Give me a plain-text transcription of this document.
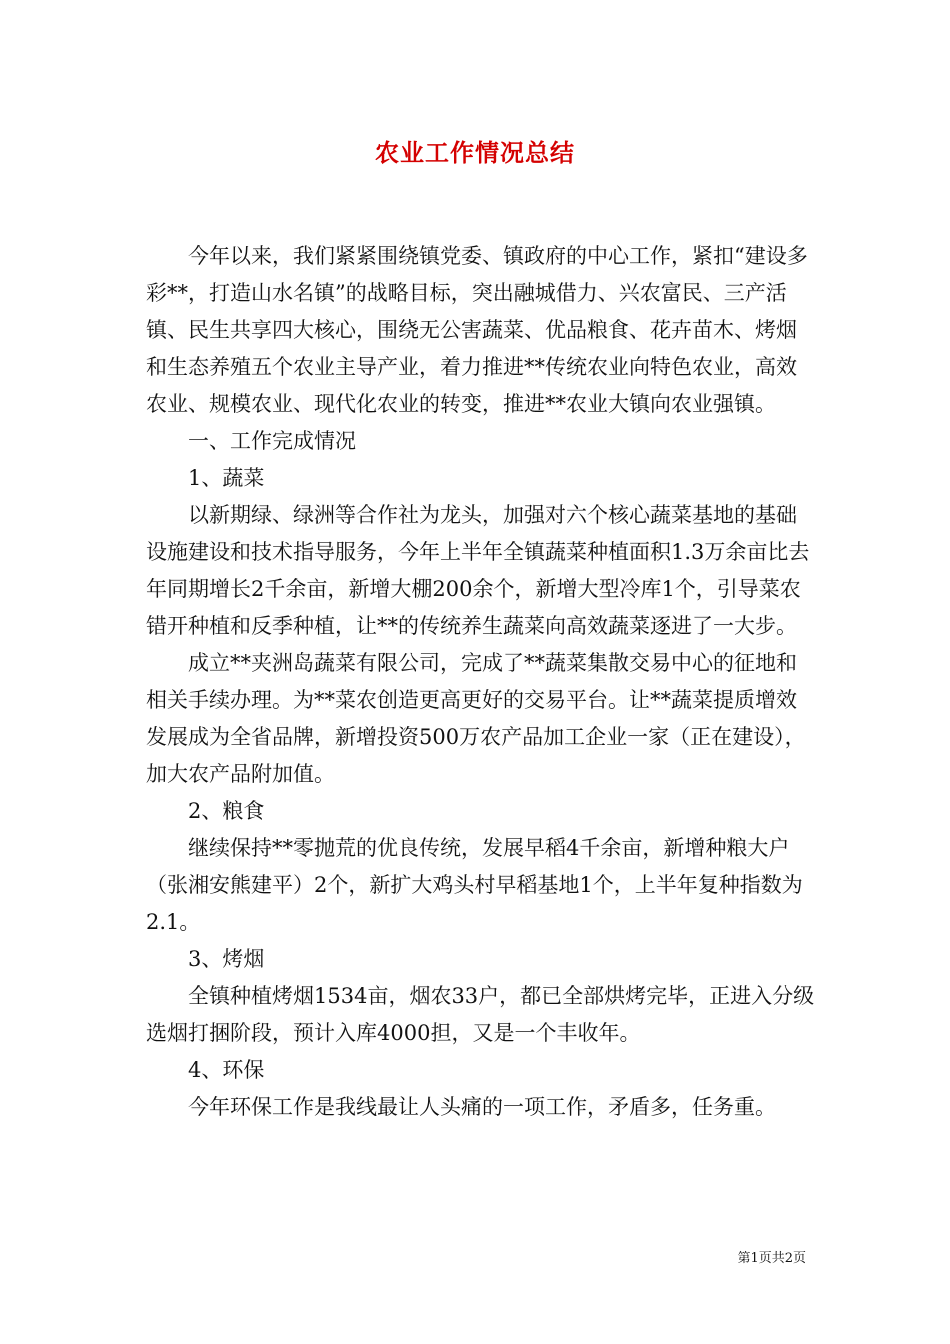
农业工作情况总结

今年以来，我们紧紧围绕镇党委、镇政府的中心工作，紧扣“建设多彩**，打造山水名镇”的战略目标，突出融城借力、兴农富民、三产活镇、民生共享四大核心，围绕无公害蔬菜、优品粮食、花卉苗木、烤烟和生态养殖五个农业主导产业，着力推进**传统农业向特色农业，高效农业、规模农业、现代化农业的转变，推进**农业大镇向农业强镇。

一、工作完成情况

1、蔬菜

以新期绿、绿洲等合作社为龙头，加强对六个核心蔬菜基地的基础设施建设和技术指导服务，今年上半年全镇蔬菜种植面积1.3万余亩比去年同期增长2千余亩，新增大棚200余个，新增大型冷库1个，引导菜农错开种植和反季种植，让**的传统养生蔬菜向高效蔬菜逐进了一大步。

成立**夹洲岛蔬菜有限公司，完成了**蔬菜集散交易中心的征地和相关手续办理。为**菜农创造更高更好的交易平台。让**蔬菜提质增效发展成为全省品牌，新增投资500万农产品加工企业一家（正在建设），加大农产品附加值。

2、粮食

继续保持**零抛荒的优良传统，发展早稻4千余亩，新增种粮大户（张湘安熊建平）2个，新扩大鸡头村早稻基地1个，上半年复种指数为2.1。

3、烤烟

全镇种植烤烟1534亩，烟农33户，都已全部烘烤完毕，正进入分级选烟打捆阶段，预计入库4000担，又是一个丰收年。

4、环保

今年环保工作是我线最让人头痛的一项工作，矛盾多，任务重。

第1页共2页
